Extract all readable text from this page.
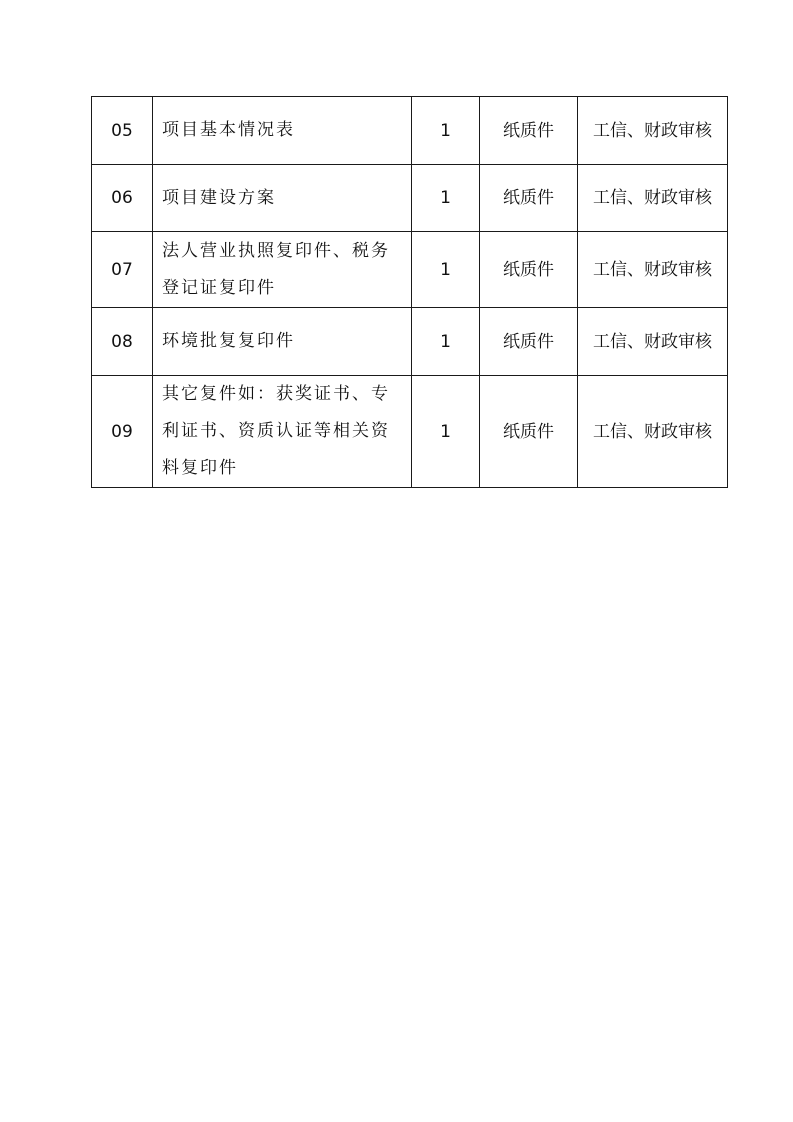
05	项目基本情况表	1	纸质件	工信、财政审核

06	项目建设方案	1	纸质件	工信、财政审核

07	法人营业执照复印件、税务登记证复印件	1	纸质件	工信、财政审核

08	环境批复复印件	1	纸质件	工信、财政审核

09	其它复件如：获奖证书、专利证书、资质认证等相关资料复印件	1	纸质件	工信、财政审核
